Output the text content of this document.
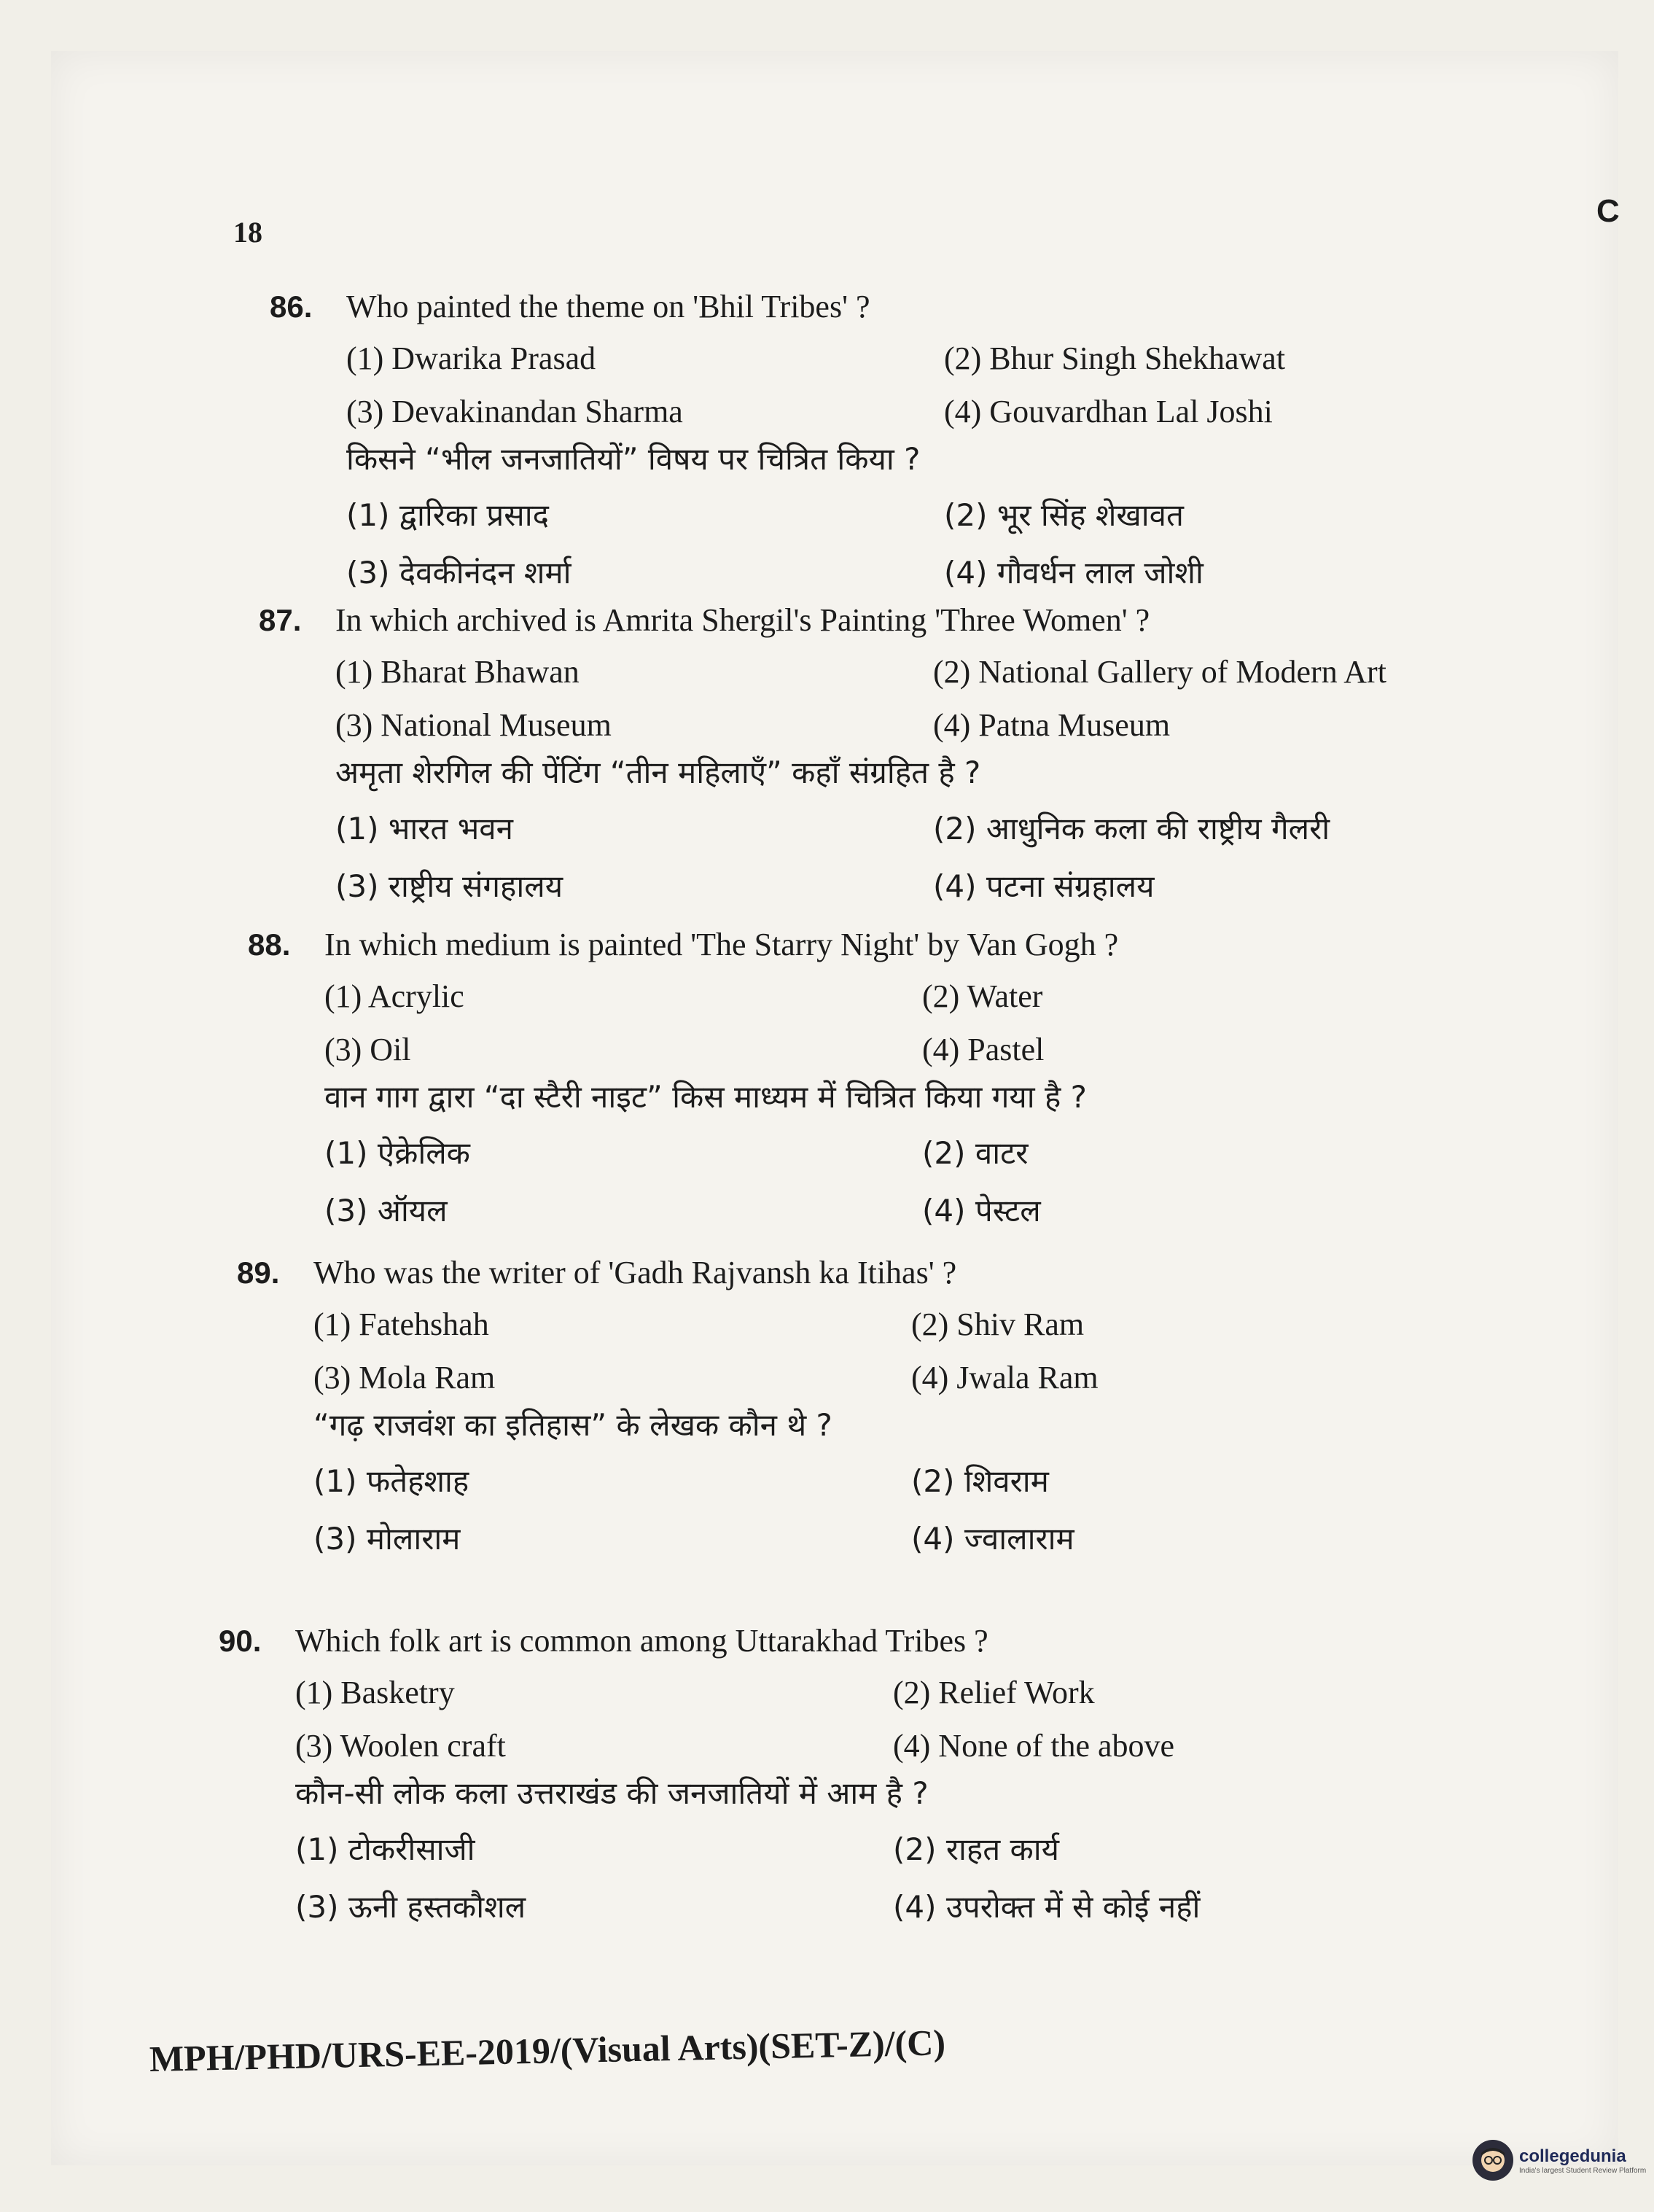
18
C
86.	Who painted the theme on 'Bhil Tribes' ?
(1) Dwarika Prasad	(2) Bhur Singh Shekhawat
(3) Devakinandan Sharma	(4) Gouvardhan Lal Joshi
किसने “भील जनजातियों” विषय पर चित्रित किया ?
(1) द्वारिका प्रसाद	(2) भूर सिंह शेखावत
(3) देवकीनंदन शर्मा	(4) गौवर्धन लाल जोशी
87.	In which archived is Amrita Shergil's Painting 'Three Women' ?
(1) Bharat Bhawan	(2) National Gallery of Modern Art
(3) National Museum	(4) Patna Museum
अमृता शेरगिल की पेंटिंग “तीन महिलाएँ” कहाँ संग्रहित है ?
(1) भारत भवन	(2) आधुनिक कला की राष्ट्रीय गैलरी
(3) राष्ट्रीय संगहालय	(4) पटना संग्रहालय
88.	In which medium is painted 'The Starry Night' by Van Gogh ?
(1) Acrylic	(2) Water
(3) Oil	(4) Pastel
वान गाग द्वारा “दा स्टैरी नाइट” किस माध्यम में चित्रित किया गया है ?
(1) ऐक्रेलिक	(2) वाटर
(3) ऑयल	(4) पेस्टल
89.	Who was the writer of 'Gadh Rajvansh ka Itihas' ?
(1) Fatehshah	(2) Shiv Ram
(3) Mola Ram	(4) Jwala Ram
“गढ़ राजवंश का इतिहास” के लेखक कौन थे ?
(1) फतेहशाह	(2) शिवराम
(3) मोलाराम	(4) ज्वालाराम
90.	Which folk art is common among Uttarakhad Tribes ?
(1) Basketry	(2) Relief Work
(3) Woolen craft	(4) None of the above
कौन-सी लोक कला उत्तराखंड की जनजातियों में आम है ?
(1) टोकरीसाजी	(2) राहत कार्य
(3) ऊनी हस्तकौशल	(4) उपरोक्त में से कोई नहीं
MPH/PHD/URS-EE-2019/(Visual Arts)(SET-Z)/(C)
collegedunia
India's largest Student Review Platform
